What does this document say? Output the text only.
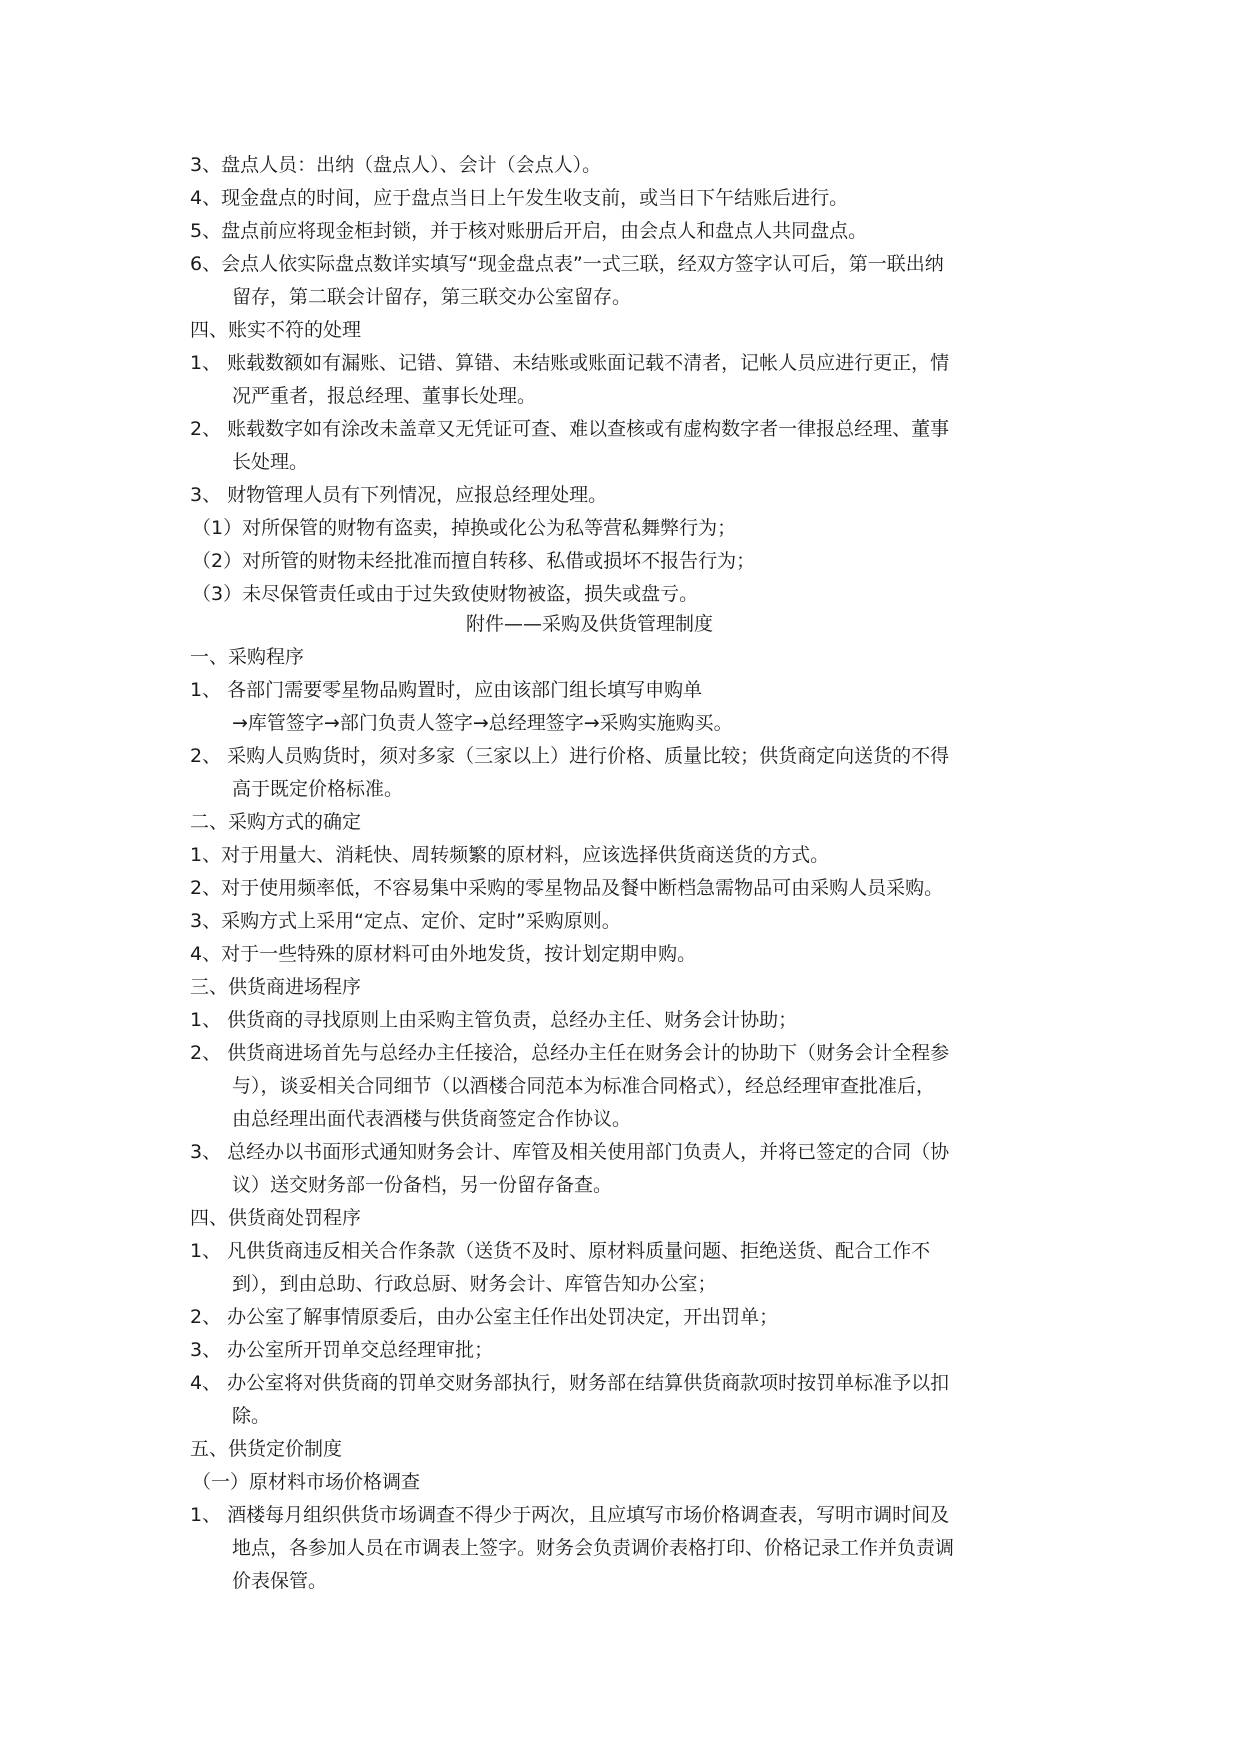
3、盘点人员：出纳（盘点人）、会计（会点人）。
4、现金盘点的时间，应于盘点当日上午发生收支前，或当日下午结账后进行。
5、盘点前应将现金柜封锁，并于核对账册后开启，由会点人和盘点人共同盘点。
6、会点人依实际盘点数详实填写“现金盘点表”一式三联，经双方签字认可后，第一联出纳
留存，第二联会计留存，第三联交办公室留存。
四、账实不符的处理
1、 账载数额如有漏账、记错、算错、未结账或账面记载不清者，记帐人员应进行更正，情
况严重者，报总经理、董事长处理。
2、 账载数字如有涂改未盖章又无凭证可查、难以查核或有虚构数字者一律报总经理、董事
长处理。
3、 财物管理人员有下列情况，应报总经理处理。
（1）对所保管的财物有盗卖，掉换或化公为私等营私舞弊行为；
（2）对所管的财物未经批准而擅自转移、私借或损坏不报告行为；
（3）未尽保管责任或由于过失致使财物被盗，损失或盘亏。
附件——采购及供货管理制度
一、采购程序
1、 各部门需要零星物品购置时，应由该部门组长填写申购单
→库管签字→部门负责人签字→总经理签字→采购实施购买。
2、 采购人员购货时，须对多家（三家以上）进行价格、质量比较；供货商定向送货的不得
高于既定价格标准。
二、采购方式的确定
1、对于用量大、消耗快、周转频繁的原材料，应该选择供货商送货的方式。
2、对于使用频率低，不容易集中采购的零星物品及餐中断档急需物品可由采购人员采购。
3、采购方式上采用“定点、定价、定时”采购原则。
4、对于一些特殊的原材料可由外地发货，按计划定期申购。
三、供货商进场程序
1、 供货商的寻找原则上由采购主管负责，总经办主任、财务会计协助；
2、 供货商进场首先与总经办主任接洽，总经办主任在财务会计的协助下（财务会计全程参
与），谈妥相关合同细节（以酒楼合同范本为标准合同格式），经总经理审查批准后，
由总经理出面代表酒楼与供货商签定合作协议。
3、 总经办以书面形式通知财务会计、库管及相关使用部门负责人，并将已签定的合同（协
议）送交财务部一份备档，另一份留存备查。
四、供货商处罚程序
1、 凡供货商违反相关合作条款（送货不及时、原材料质量问题、拒绝送货、配合工作不
到），到由总助、行政总厨、财务会计、库管告知办公室；
2、 办公室了解事情原委后，由办公室主任作出处罚决定，开出罚单；
3、 办公室所开罚单交总经理审批；
4、 办公室将对供货商的罚单交财务部执行，财务部在结算供货商款项时按罚单标准予以扣
除。
五、供货定价制度
（一）原材料市场价格调查
1、 酒楼每月组织供货市场调查不得少于两次，且应填写市场价格调查表，写明市调时间及
地点，各参加人员在市调表上签字。财务会负责调价表格打印、价格记录工作并负责调
价表保管。
